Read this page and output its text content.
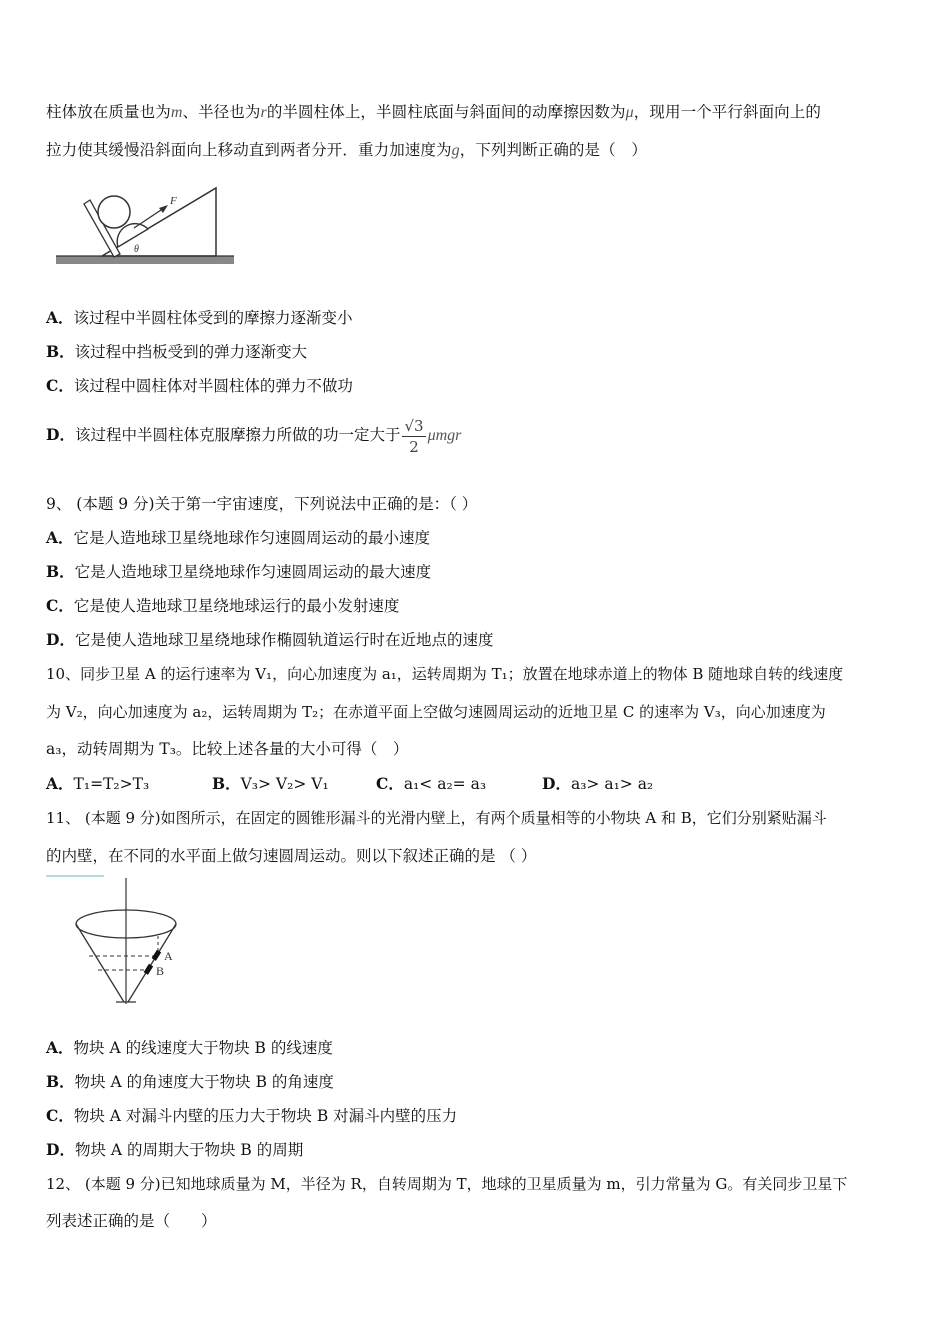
柱体放在质量也为m、半径也为r的半圆柱体上，半圆柱底面与斜面间的动摩擦因数为μ，现用一个平行斜面向上的
拉力使其缓慢沿斜面向上移动直到两者分开．重力加速度为g，下列判断正确的是（　）
F
θ
A．该过程中半圆柱体受到的摩擦力逐渐变小
B．该过程中挡板受到的弹力逐渐变大
C．该过程中圆柱体对半圆柱体的弹力不做功
D．该过程中半圆柱体克服摩擦力所做的功一定大于 $\frac{√3}{2}$ μmgr
9、 (本题 9 分)关于第一宇宙速度，下列说法中正确的是：（ ）
A．它是人造地球卫星绕地球作匀速圆周运动的最小速度
B．它是人造地球卫星绕地球作匀速圆周运动的最大速度
C．它是使人造地球卫星绕地球运行的最小发射速度
D．它是使人造地球卫星绕地球作椭圆轨道运行时在近地点的速度
10、同步卫星 A 的运行速率为 V₁，向心加速度为 a₁，运转周期为 T₁；放置在地球赤道上的物体 B 随地球自转的线速度
为 V₂，向心加速度为 a₂，运转周期为 T₂；在赤道平面上空做匀速圆周运动的近地卫星 C 的速率为 V₃，向心加速度为
a₃，动转周期为 T₃。比较上述各量的大小可得（　）
A．T₁=T₂>T₃	B．V₃> V₂> V₁	C．a₁< a₂= a₃	D．a₃> a₁> a₂
11、 (本题 9 分)如图所示，在固定的圆锥形漏斗的光滑内壁上，有两个质量相等的小物块 A 和 B，它们分别紧贴漏斗
的内壁，在不同的水平面上做匀速圆周运动。则以下叙述正确的是 （ ）
A
B
A．物块 A 的线速度大于物块 B 的线速度
B．物块 A 的角速度大于物块 B 的角速度
C．物块 A 对漏斗内壁的压力大于物块 B 对漏斗内壁的压力
D．物块 A 的周期大于物块 B 的周期
12、 (本题 9 分)已知地球质量为 M，半径为 R，自转周期为 T，地球的卫星质量为 m，引力常量为 G。有关同步卫星下
列表述正确的是（　　）
